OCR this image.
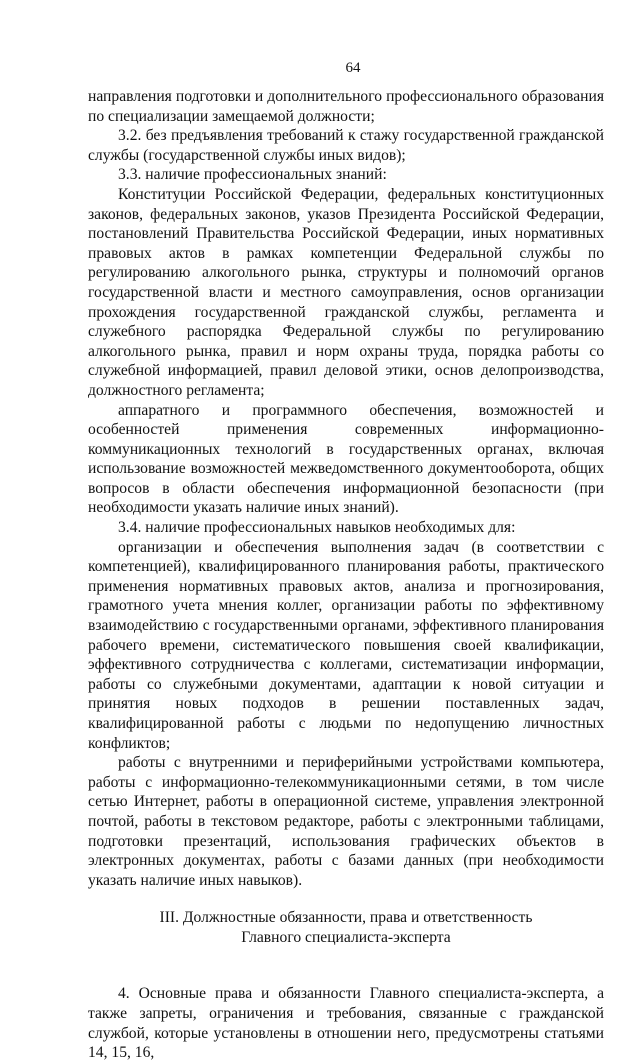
64

направления подготовки и дополнительного профессионального образования по специализации замещаемой должности;

3.2. без предъявления требований к стажу государственной гражданской службы (государственной службы иных видов);

3.3. наличие профессиональных знаний:

Конституции Российской Федерации, федеральных конституционных законов, федеральных законов, указов Президента Российской Федерации, постановлений Правительства Российской Федерации, иных нормативных правовых актов в рамках компетенции Федеральной службы по регулированию алкогольного рынка, структуры и полномочий органов государственной власти и местного самоуправления, основ организации прохождения государственной гражданской службы, регламента и служебного распорядка Федеральной службы по регулированию алкогольного рынка, правил и норм охраны труда, порядка работы со служебной информацией, правил деловой этики, основ делопроизводства, должностного регламента;

аппаратного и программного обеспечения, возможностей и особенностей применения современных информационно-коммуникационных технологий в государственных органах, включая использование возможностей межведомственного документооборота, общих вопросов в области обеспечения информационной безопасности (при необходимости указать наличие иных знаний).

3.4. наличие профессиональных навыков необходимых для:

организации и обеспечения выполнения задач (в соответствии с компетенцией), квалифицированного планирования работы, практического применения нормативных правовых актов, анализа и прогнозирования, грамотного учета мнения коллег, организации работы по эффективному взаимодействию с государственными органами, эффективного планирования рабочего времени, систематического повышения своей квалификации, эффективного сотрудничества с коллегами, систематизации информации, работы со служебными документами, адаптации к новой ситуации и принятия новых подходов в решении поставленных задач, квалифицированной работы с людьми по недопущению личностных конфликтов;

работы с внутренними и периферийными устройствами компьютера, работы с информационно-телекоммуникационными сетями, в том числе сетью Интернет, работы в операционной системе, управления электронной почтой, работы в текстовом редакторе, работы с электронными таблицами, подготовки презентаций, использования графических объектов в электронных документах, работы с базами данных (при необходимости указать наличие иных навыков).

III. Должностные обязанности, права и ответственность
Главного специалиста-эксперта

4. Основные права и обязанности Главного специалиста-эксперта, а также запреты, ограничения и требования, связанные с гражданской службой, которые установлены в отношении него, предусмотрены статьями 14, 15, 16,
